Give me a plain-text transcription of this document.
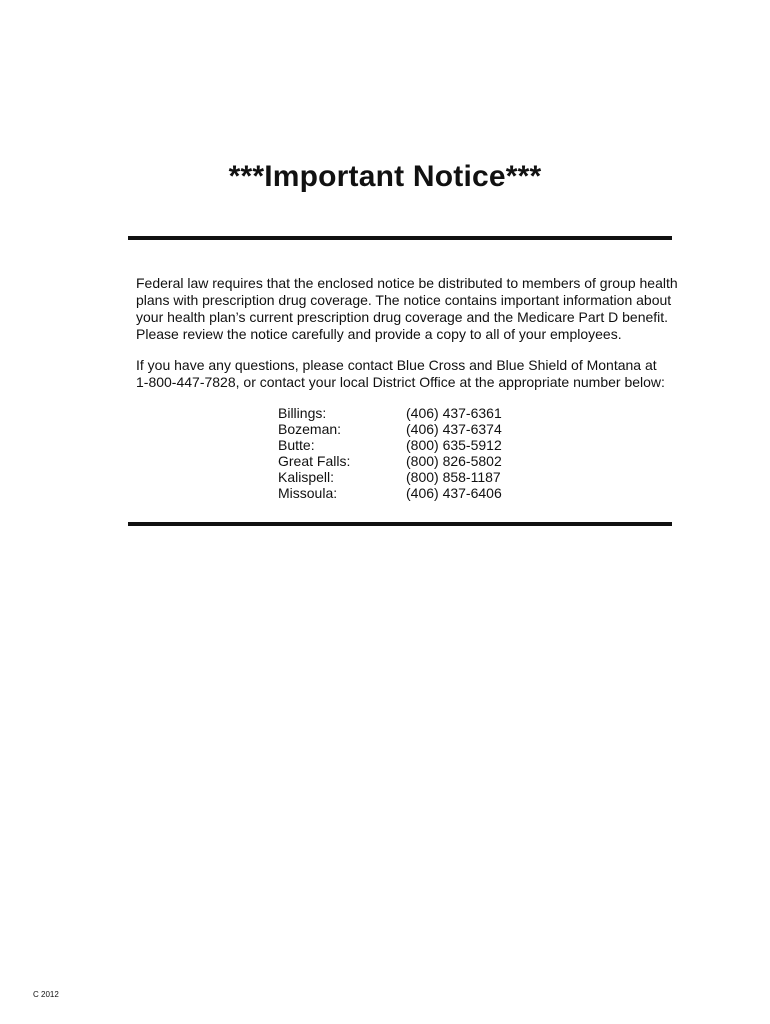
***Important Notice***
Federal law requires that the enclosed notice be distributed to members of group health
plans with prescription drug coverage. The notice contains important information about
your health plan’s current prescription drug coverage and the Medicare Part D benefit.
Please review the notice carefully and provide a copy to all of your employees.
If you have any questions, please contact Blue Cross and Blue Shield of Montana at
1-800-447-7828, or contact your local District Office at the appropriate number below:
Billings:	(406) 437-6361
Bozeman:	(406) 437-6374
Butte:	(800) 635-5912
Great Falls:	(800) 826-5802
Kalispell:	(800) 858-1187
Missoula:	(406) 437-6406
C 2012
